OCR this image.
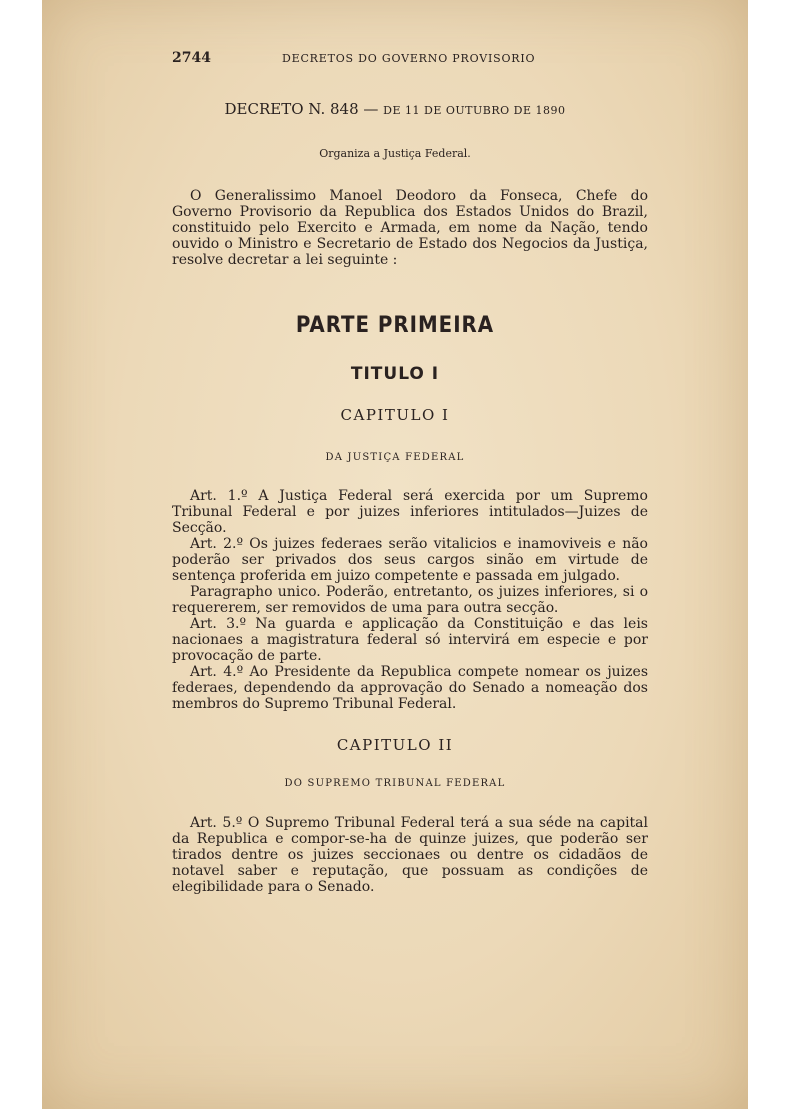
2744	DECRETOS DO GOVERNO PROVISORIO
DECRETO N. 848 — DE 11 DE OUTUBRO DE 1890
Organiza a Justiça Federal.

O Generalissimo Manoel Deodoro da Fonseca, Chefe do Governo Provisorio da Republica dos Estados Unidos do Brazil, constituido pelo Exercito e Armada, em nome da Nação, tendo ouvido o Ministro e Secretario de Estado dos Negocios da Justiça, resolve decretar a lei seguinte :

PARTE PRIMEIRA
TITULO I
CAPITULO I
DA JUSTIÇA FEDERAL

Art. 1.º A Justiça Federal será exercida por um Supremo Tribunal Federal e por juizes inferiores intitulados—Juizes de Secção.

Art. 2.º Os juizes federaes serão vitalicios e inamoviveis e não poderão ser privados dos seus cargos sinão em virtude de sentença proferida em juizo competente e passada em julgado.

Paragrapho unico. Poderão, entretanto, os juizes inferiores, si o requererem, ser removidos de uma para outra secção.

Art. 3.º Na guarda e applicação da Constituição e das leis nacionaes a magistratura federal só intervirá em especie e por provocação de parte.

Art. 4.º Ao Presidente da Republica compete nomear os juizes federaes, dependendo da approvação do Senado a nomeação dos membros do Supremo Tribunal Federal.

CAPITULO II
DO SUPREMO TRIBUNAL FEDERAL

Art. 5.º O Supremo Tribunal Federal terá a sua séde na capital da Republica e compor-se-ha de quinze juizes, que poderão ser tirados dentre os juizes seccionaes ou dentre os cidadãos de notavel saber e reputação, que possuam as condições de elegibilidade para o Senado.
